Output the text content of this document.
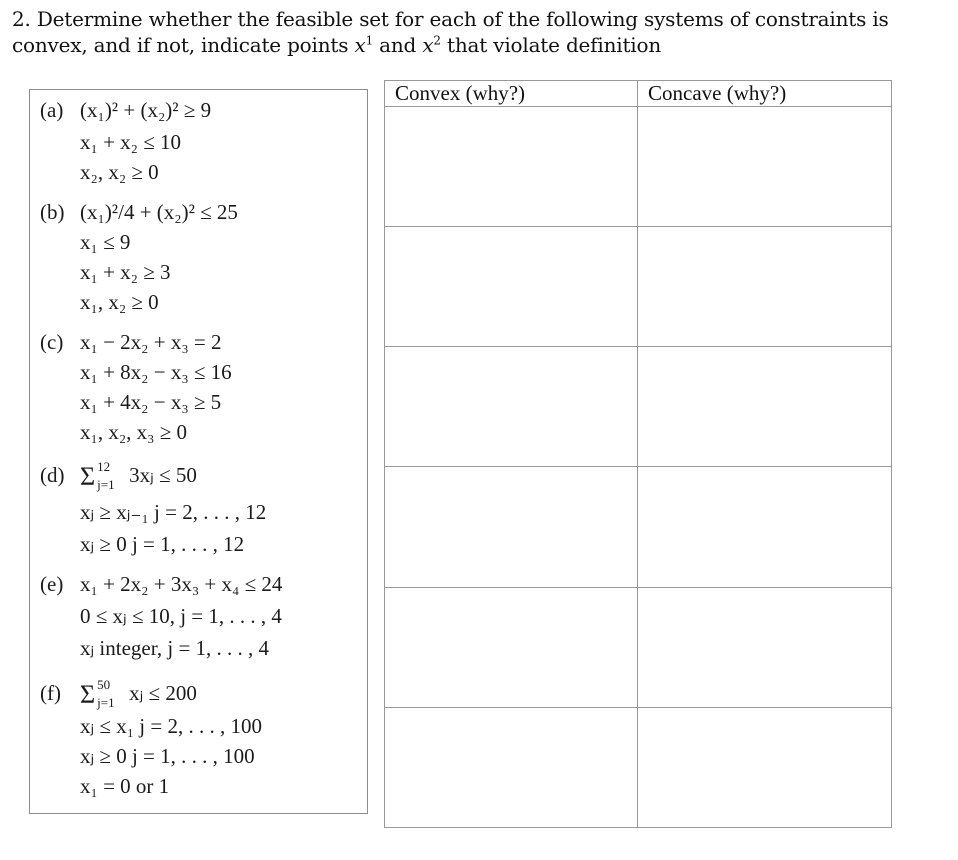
2. Determine whether the feasible set for each of the following systems of constraints is
convex, and if not, indicate points $x^1$ and $x^2$ that violate definition
(a) (x₁)² + (x₂)² ≥ 9
x₁ + x₂ ≤ 10
x₂, x₂ ≥ 0
(b) (x₁)²/4 + (x₂)² ≤ 25
x₁ ≤ 9
x₁ + x₂ ≥ 3
x₁, x₂ ≥ 0
(c) x₁ − 2x₂ + x₃ = 2
x₁ + 8x₂ − x₃ ≤ 16
x₁ + 4x₂ − x₃ ≥ 5
x₁, x₂, x₃ ≥ 0
(d) Σ 12
j=1 3xⱼ ≤ 50
xⱼ ≥ xⱼ₋₁ j = 2, . . . , 12
xⱼ ≥ 0 j = 1, . . . , 12
(e) x₁ + 2x₂ + 3x₃ + x₄ ≤ 24
0 ≤ xⱼ ≤ 10, j = 1, . . . , 4
xⱼ integer, j = 1, . . . , 4
(f) Σ 50
j=1 xⱼ ≤ 200
xⱼ ≤ x₁ j = 2, . . . , 100
xⱼ ≥ 0 j = 1, . . . , 100
x₁ = 0 or 1
Convex (why?)	Concave (why?)
